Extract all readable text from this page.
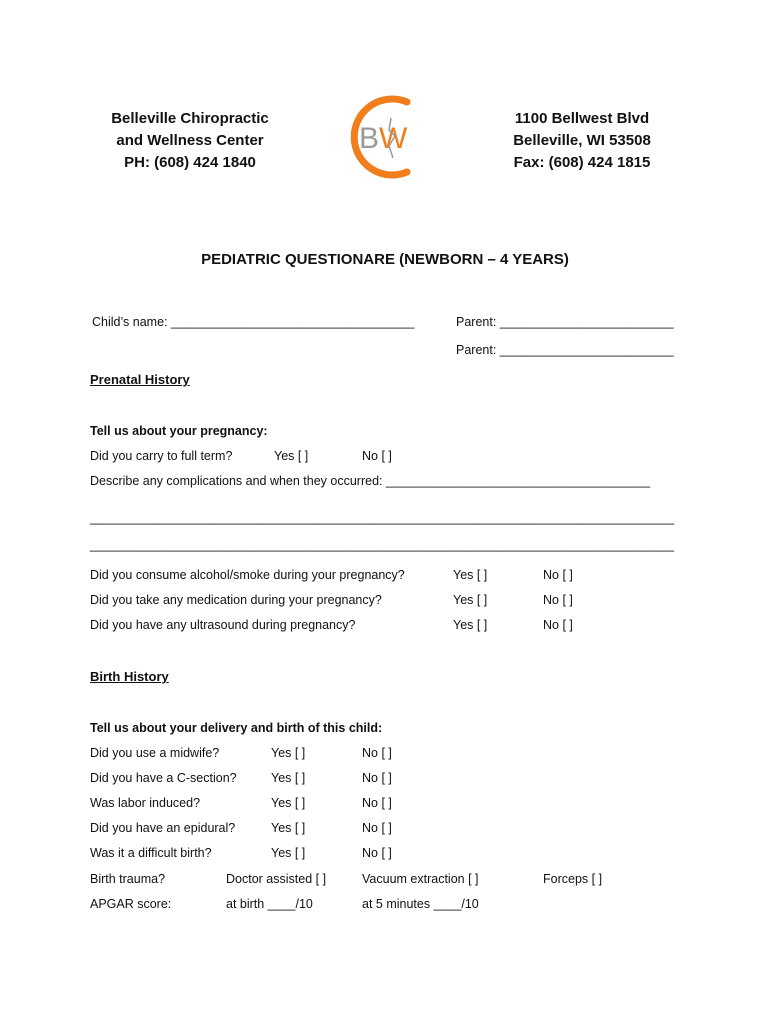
Belleville Chiropractic
and Wellness Center
PH: (608) 424 1840
B W
1100 Bellwest Blvd
Belleville, WI 53508
Fax: (608) 424 1815
PEDIATRIC QUESTIONARE (NEWBORN – 4 YEARS)
Child’s name: ___________________________________	Parent: _________________________
Parent: _________________________
Prenatal History
Tell us about your pregnancy:
Did you carry to full term?	Yes [ ]	No [ ]
Describe any complications and when they occurred: ______________________________________
____________________________________________________________________________________
____________________________________________________________________________________
Did you consume alcohol/smoke during your pregnancy?	Yes [ ]	No [ ]
Did you take any medication during your pregnancy?	Yes [ ]	No [ ]
Did you have any ultrasound during pregnancy?	Yes [ ]	No [ ]
Birth History
Tell us about your delivery and birth of this child:
Did you use a midwife?	Yes [ ]	No [ ]
Did you have a C-section?	Yes [ ]	No [ ]
Was labor induced?	Yes [ ]	No [ ]
Did you have an epidural?	Yes [ ]	No [ ]
Was it a difficult birth?	Yes [ ]	No [ ]
Birth trauma?	Doctor assisted [ ]	Vacuum extraction [ ]	Forceps [ ]
APGAR score:	at birth ____/10	at 5 minutes ____/10
